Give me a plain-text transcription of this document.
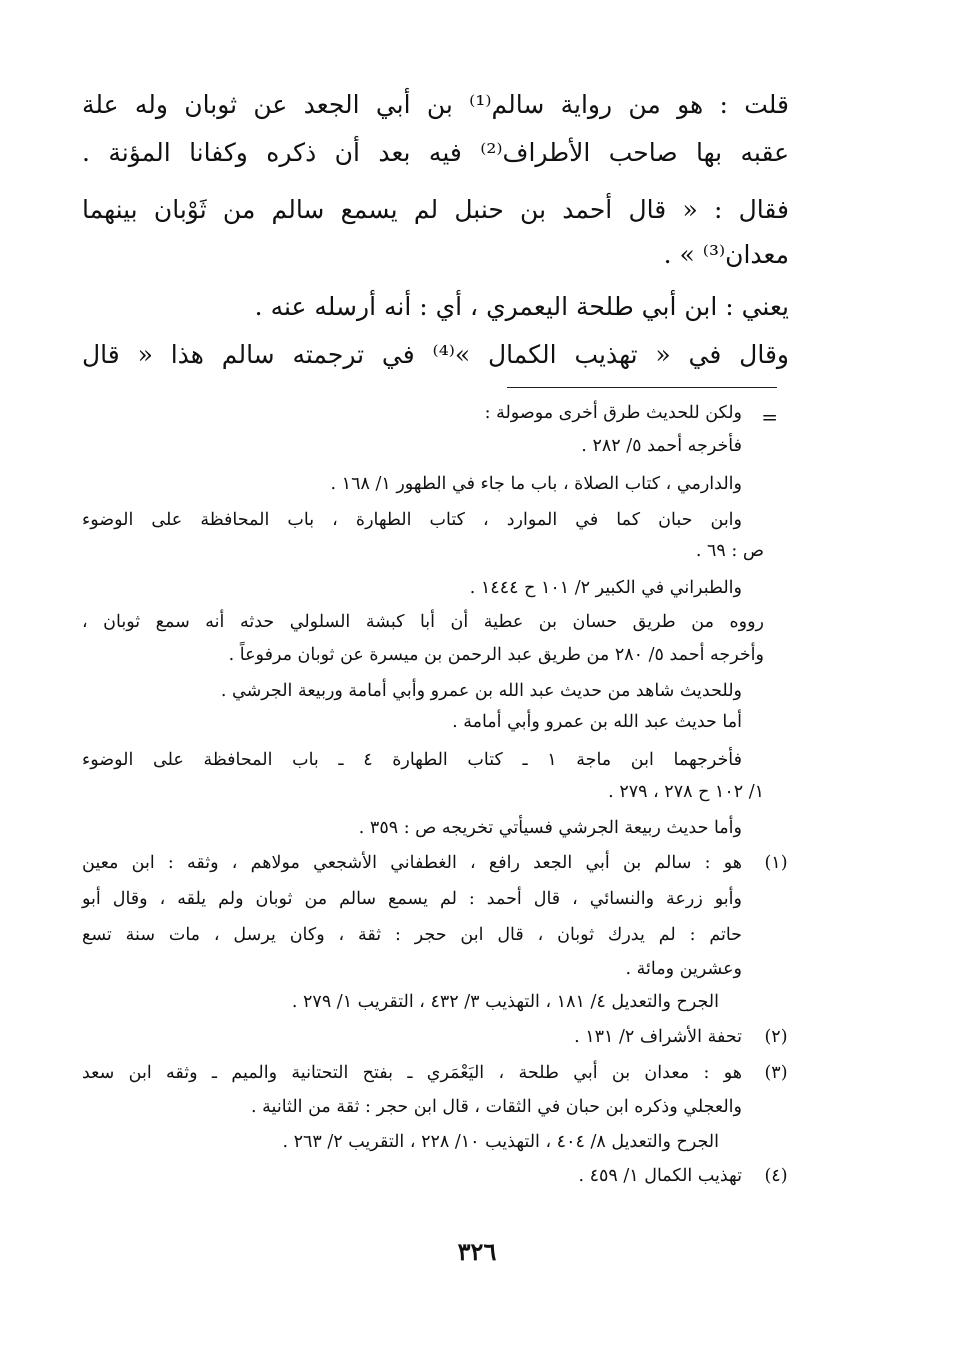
قلت : هو من رواية سالم⁽¹⁾ بن أبي الجعد عن ثوبان وله علة
عقبه بها صاحب الأطراف⁽²⁾ فيه بعد أن ذكره وكفانا المؤنة .
فقال : « قال أحمد بن حنبل لم يسمع سالم من ثَوْبان بينهما
معدان⁽³⁾ » .
يعني : ابن أبي طلحة اليعمري ، أي : أنه أرسله عنه .
وقال في « تهذيب الكمال »⁽⁴⁾ في ترجمته سالم هذا « قال
=
ولكن للحديث طرق أخرى موصولة :
فأخرجه أحمد ٥/ ٢٨٢ .
والدارمي ، كتاب الصلاة ، باب ما جاء في الطهور ١/ ١٦٨ .
وابن حبان كما في الموارد ، كتاب الطهارة ، باب المحافظة على الوضوء
ص : ٦٩ .
والطبراني في الكبير ٢/ ١٠١ ح ١٤٤٤ .
رووه من طريق حسان بن عطية أن أبا كبشة السلولي حدثه أنه سمع ثوبان ،
وأخرجه أحمد ٥/ ٢٨٠ من طريق عبد الرحمن بن ميسرة عن ثوبان مرفوعاً .
وللحديث شاهد من حديث عبد الله بن عمرو وأبي أمامة وربيعة الجرشي .
أما حديث عبد الله بن عمرو وأبي أمامة .
فأخرجهما ابن ماجة ١ ـ كتاب الطهارة ٤ ـ باب المحافظة على الوضوء
١/ ١٠٢ ح ٢٧٨ ، ٢٧٩ .
وأما حديث ربيعة الجرشي فسيأتي تخريجه ص : ٣٥٩ .
(١)
هو : سالم بن أبي الجعد رافع ، الغطفاني الأشجعي مولاهم ، وثقه : ابن معين
وأبو زرعة والنسائي ، قال أحمد : لم يسمع سالم من ثوبان ولم يلقه ، وقال أبو
حاتم : لم يدرك ثوبان ، قال ابن حجر : ثقة ، وكان يرسل ، مات سنة تسع
وعشرين ومائة .
الجرح والتعديل ٤/ ١٨١ ، التهذيب ٣/ ٤٣٢ ، التقريب ١/ ٢٧٩ .
(٢)
تحفة الأشراف ٢/ ١٣١ .
(٣)
هو : معدان بن أبي طلحة ، اليَعْمَري ـ بفتح التحتانية والميم ـ وثقه ابن سعد
والعجلي وذكره ابن حبان في الثقات ، قال ابن حجر : ثقة من الثانية .
الجرح والتعديل ٨/ ٤٠٤ ، التهذيب ١٠/ ٢٢٨ ، التقريب ٢/ ٢٦٣ .
(٤)
تهذيب الكمال ١/ ٤٥٩ .
٣٢٦
